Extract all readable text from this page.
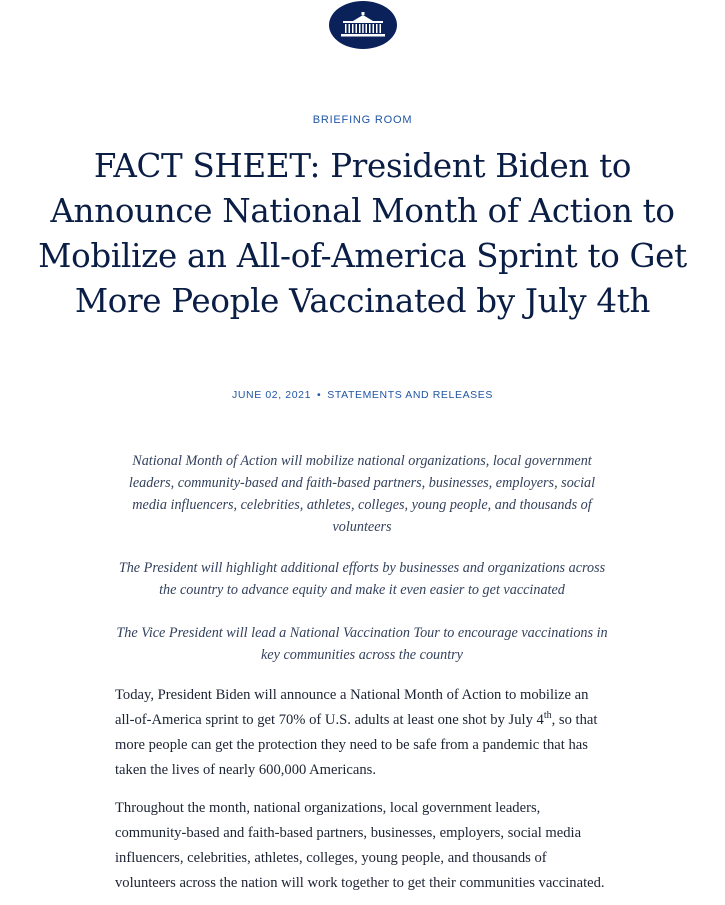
BRIEFING ROOM
FACT SHEET: President Biden to Announce National Month of Action to Mobilize an All-of-America Sprint to Get More People Vaccinated by July 4th
JUNE 02, 2021 • STATEMENTS AND RELEASES

National Month of Action will mobilize national organizations, local government leaders, community-based and faith-based partners, businesses, employers, social media influencers, celebrities, athletes, colleges, young people, and thousands of volunteers

The President will highlight additional efforts by businesses and organizations across the country to advance equity and make it even easier to get vaccinated

The Vice President will lead a National Vaccination Tour to encourage vaccinations in key communities across the country

Today, President Biden will announce a National Month of Action to mobilize an all-of-America sprint to get 70% of U.S. adults at least one shot by July 4th, so that more people can get the protection they need to be safe from a pandemic that has taken the lives of nearly 600,000 Americans.

Throughout the month, national organizations, local government leaders, community-based and faith-based partners, businesses, employers, social media influencers, celebrities, athletes, colleges, young people, and thousands of volunteers across the nation will work together to get their communities vaccinated.
